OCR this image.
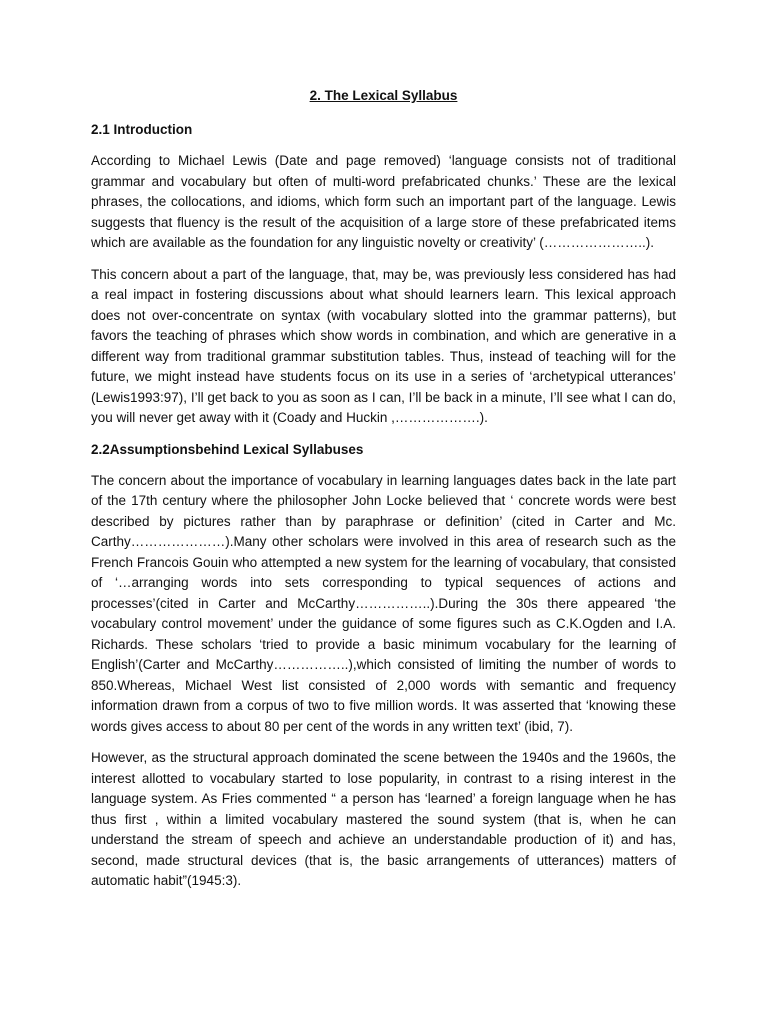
2. The Lexical Syllabus
2.1 Introduction

According to Michael Lewis (Date and page removed) ‘language consists not of traditional grammar and vocabulary but often of multi-word prefabricated chunks.’ These are the lexical phrases, the collocations, and idioms, which form such an important part of the language. Lewis suggests that fluency is the result of the acquisition of a large store of these prefabricated items which are available as the foundation for any linguistic novelty or creativity’ (…………………..).

This concern about a part of the language, that, may be, was previously less considered has had a real impact in fostering discussions about what should learners learn. This lexical approach does not over-concentrate on syntax (with vocabulary slotted into the grammar patterns), but favors the teaching of phrases which show words in combination, and which are generative in a different way from traditional grammar substitution tables. Thus, instead of teaching will for the future, we might instead have students focus on its use in a series of ‘archetypical utterances’ (Lewis1993:97), I’ll get back to you as soon as I can, I’ll be back in a minute, I’ll see what I can do, you will never get away with it (Coady and Huckin ,……………….).

2.2Assumptionsbehind Lexical Syllabuses

The concern about the importance of vocabulary in learning languages dates back in the late part of the 17th century where the philosopher John Locke believed that ‘ concrete words were best described by pictures rather than by paraphrase or definition’ (cited in Carter and Mc. Carthy…………………).Many other scholars were involved in this area of research such as the French Francois Gouin who attempted a new system for the learning of vocabulary, that consisted of ‘…arranging words into sets corresponding to typical sequences of actions and processes’(cited in Carter and McCarthy……………..).During the 30s there appeared ‘the vocabulary control movement’ under the guidance of some figures such as C.K.Ogden and I.A. Richards. These scholars ‘tried to provide a basic minimum vocabulary for the learning of English’(Carter and McCarthy……………..),which consisted of limiting the number of words to 850.Whereas, Michael West list consisted of 2,000 words with semantic and frequency information drawn from a corpus of two to five million words. It was asserted that ‘knowing these words gives access to about 80 per cent of the words in any written text’ (ibid, 7).

However, as the structural approach dominated the scene between the 1940s and the 1960s, the interest allotted to vocabulary started to lose popularity, in contrast to a rising interest in the language system. As Fries commented “ a person has ‘learned’ a foreign language when he has thus first , within a limited vocabulary mastered the sound system (that is, when he can understand the stream of speech and achieve an understandable production of it) and has, second, made structural devices (that is, the basic arrangements of utterances) matters of automatic habit”(1945:3).
